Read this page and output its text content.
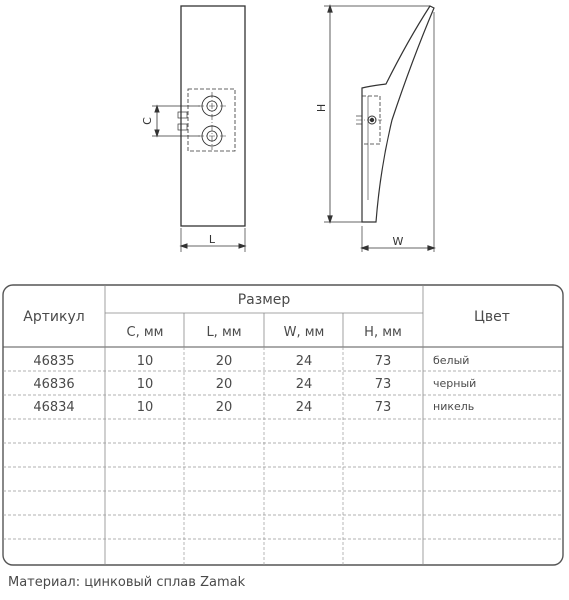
C
L
H
W
Артикул
Размер
C, мм	L, мм	W, мм	H, мм
Цвет
46835	10	20	24	73	белый
46836	10	20	24	73	черный
46834	10	20	24	73	никель
Материал: цинковый сплав Zamak
